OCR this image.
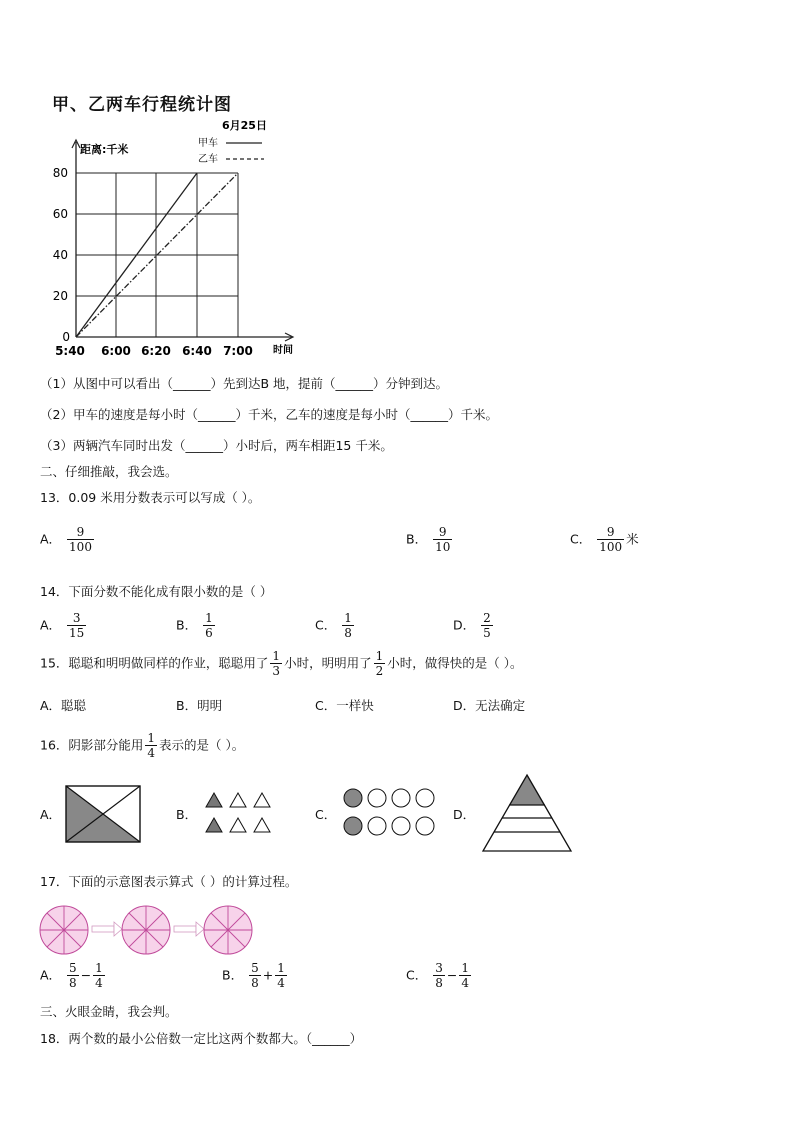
甲、乙两车行程统计图
6月25日
距离:千米	甲车
乙车
80
60
40
20
0
5:40 6:00 6:20 6:40 7:00 时间
（1）从图中可以看出（______）先到达B 地，提前（______）分钟到达。
（2）甲车的速度是每小时（______）千米，乙车的速度是每小时（______）千米。
（3）两辆汽车同时出发（______）小时后，两车相距15 千米。
二、仔细推敲，我会选。
13．0.09 米用分数表示可以写成（ ）。
A． $\frac{9}{100}$	B． $\frac{9}{10}$	C． $\frac{9}{100}$ 米
14．下面分数不能化成有限小数的是（ ）
A． $\frac{3}{15}$	B． $\frac{1}{6}$	C． $\frac{1}{8}$	D． $\frac{2}{5}$
15．聪聪和明明做同样的作业，聪聪用了 $\frac{1}{3}$ 小时，明明用了 $\frac{1}{2}$ 小时，做得快的是（ ）。
A．聪聪	B．明明	C．一样快	D．无法确定
16．阴影部分能用 $\frac{1}{4}$ 表示的是（ ）。
A．	B．	C．	D．
17．下面的示意图表示算式（ ）的计算过程。
A． $\frac{5}{8} - \frac{1}{4}$	B． $\frac{5}{8} + \frac{1}{4}$	C． $\frac{3}{8} - \frac{1}{4}$
三、火眼金睛，我会判。
18．两个数的最小公倍数一定比这两个数都大。（______）
